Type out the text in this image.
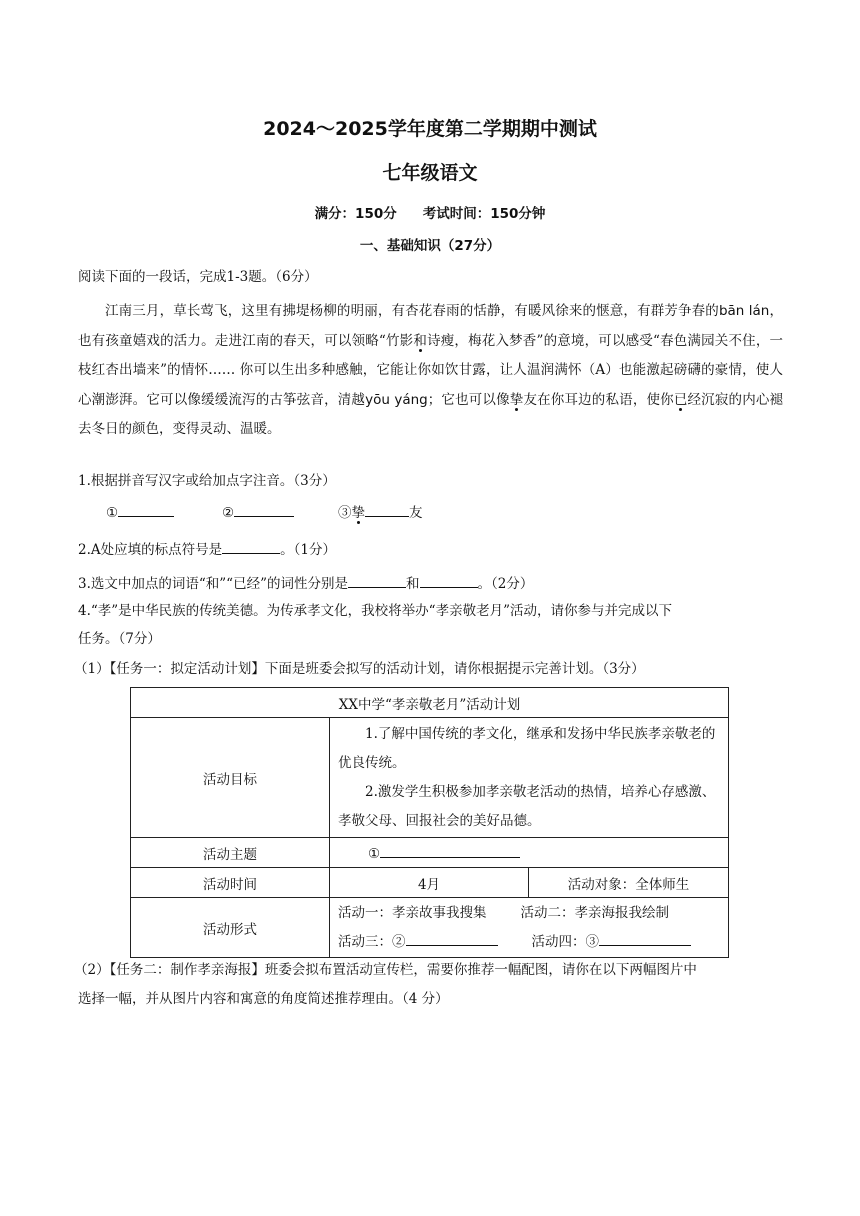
2024～2025学年度第二学期期中测试
七年级语文
满分：150分 考试时间：150分钟
一、基础知识（27分）
阅读下面的一段话，完成1-3题。（6分）

江南三月，草长莺飞，这里有拂堤杨柳的明丽，有杏花春雨的恬静，有暖风徐来的惬意，有群芳争春的bān lán，也有孩童嬉戏的活力。走进江南的春天，可以领略“竹影和诗瘦，梅花入梦香”的意境，可以感受“春色满园关不住，一枝红杏出墙来”的情怀…… 你可以生出多种感触，它能让你如饮甘露，让人温润满怀（A）也能激起磅礴的豪情，使人心潮澎湃。它可以像缓缓流泻的古筝弦音，清越yōu yáng；它也可以像挚友在你耳边的私语，使你已经沉寂的内心褪去冬日的颜色，变得灵动、温暖。

1.根据拼音写汉字或给加点字注音。（3分）
①	②	③挚	友
2.A处应填的标点符号是	。（1分）
3.选文中加点的词语“和”“已经”的词性分别是	和	。（2分）
4.“孝”是中华民族的传统美德。为传承孝文化，我校将举办“孝亲敬老月”活动，请你参与并完成以下
任务。（7分）
（1）【任务一：拟定活动计划】下面是班委会拟写的活动计划，请你根据提示完善计划。（3分）
XX中学“孝亲敬老月”活动计划		
活动目标	1.了解中国传统的孝文化，继承和发扬中华民族孝亲敬老的优良传统。

2.激发学生积极参加孝亲敬老活动的热情，培养心存感激、孝敬父母、回报社会的美好品德。	

活动主题	①	
活动时间	4月	活动对象：全体师生
活动形式	活动一：孝亲故事我搜集 活动二：孝亲海报我绘制
活动三：② 活动四：③	
（2）【任务二：制作孝亲海报】班委会拟布置活动宣传栏，需要你推荐一幅配图，请你在以下两幅图片中
选择一幅，并从图片内容和寓意的角度简述推荐理由。（4 分）
